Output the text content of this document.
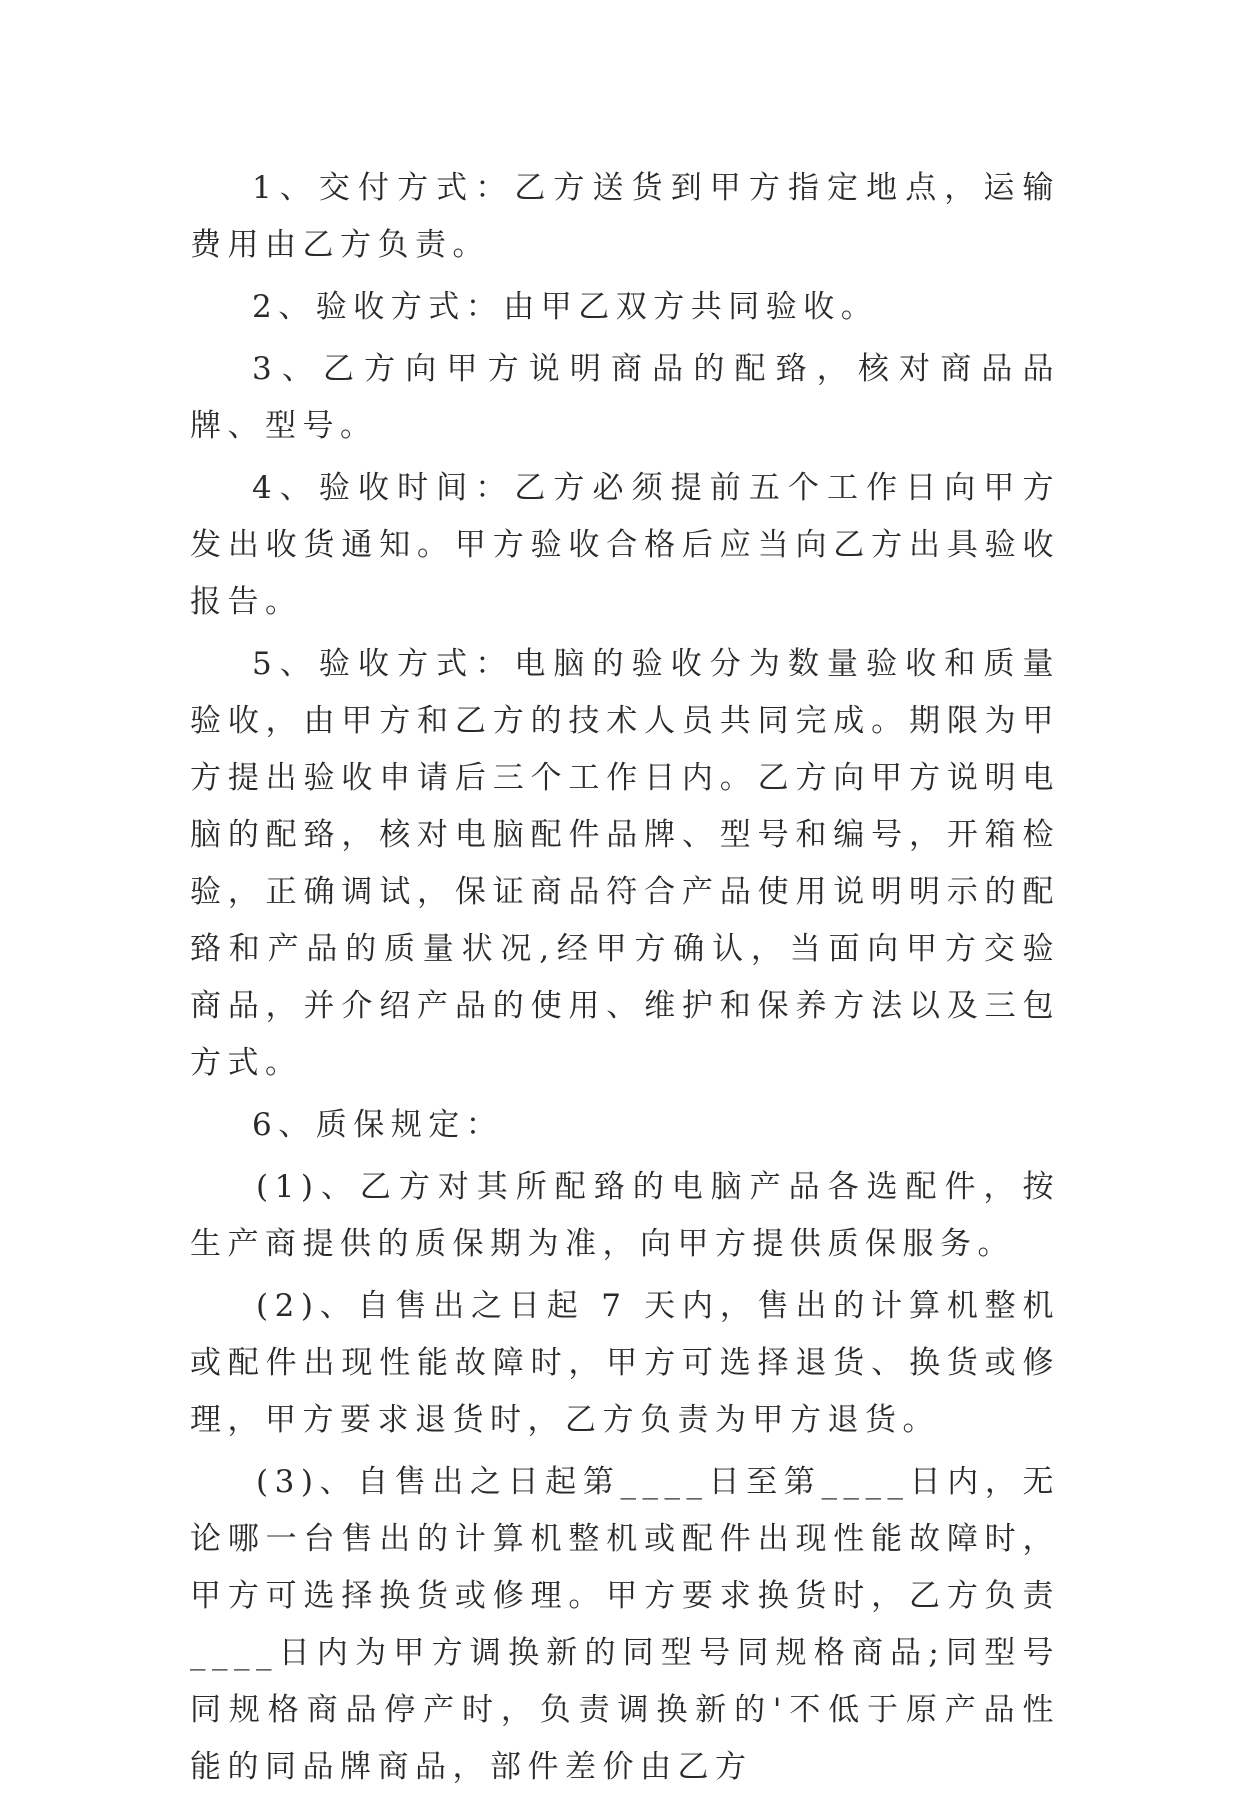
1、交付方式：乙方送货到甲方指定地点，运输费用由乙方负责。

2、验收方式：由甲乙双方共同验收。

3、乙方向甲方说明商品的配臵，核对商品品牌、型号。

4、验收时间：乙方必须提前五个工作日向甲方发出收货通知。甲方验收合格后应当向乙方出具验收报告。

5、验收方式：电脑的验收分为数量验收和质量验收，由甲方和乙方的技术人员共同完成。期限为甲方提出验收申请后三个工作日内。乙方向甲方说明电脑的配臵，核对电脑配件品牌、型号和编号，开箱检验，正确调试，保证商品符合产品使用说明明示的配臵和产品的质量状况,经甲方确认，当面向甲方交验商品，并介绍产品的使用、维护和保养方法以及三包方式。

6、质保规定：

(1)、乙方对其所配臵的电脑产品各选配件，按生产商提供的质保期为准，向甲方提供质保服务。

(2)、自售出之日起 7 天内，售出的计算机整机或配件出现性能故障时，甲方可选择退货、换货或修理，甲方要求退货时，乙方负责为甲方退货。

(3)、自售出之日起第____日至第____日内，无论哪一台售出的计算机整机或配件出现性能故障时，甲方可选择换货或修理。甲方要求换货时，乙方负责____日内为甲方调换新的同型号同规格商品;同型号同规格商品停产时，负责调换新的'不低于原产品性能的同品牌商品，部件差价由乙方
